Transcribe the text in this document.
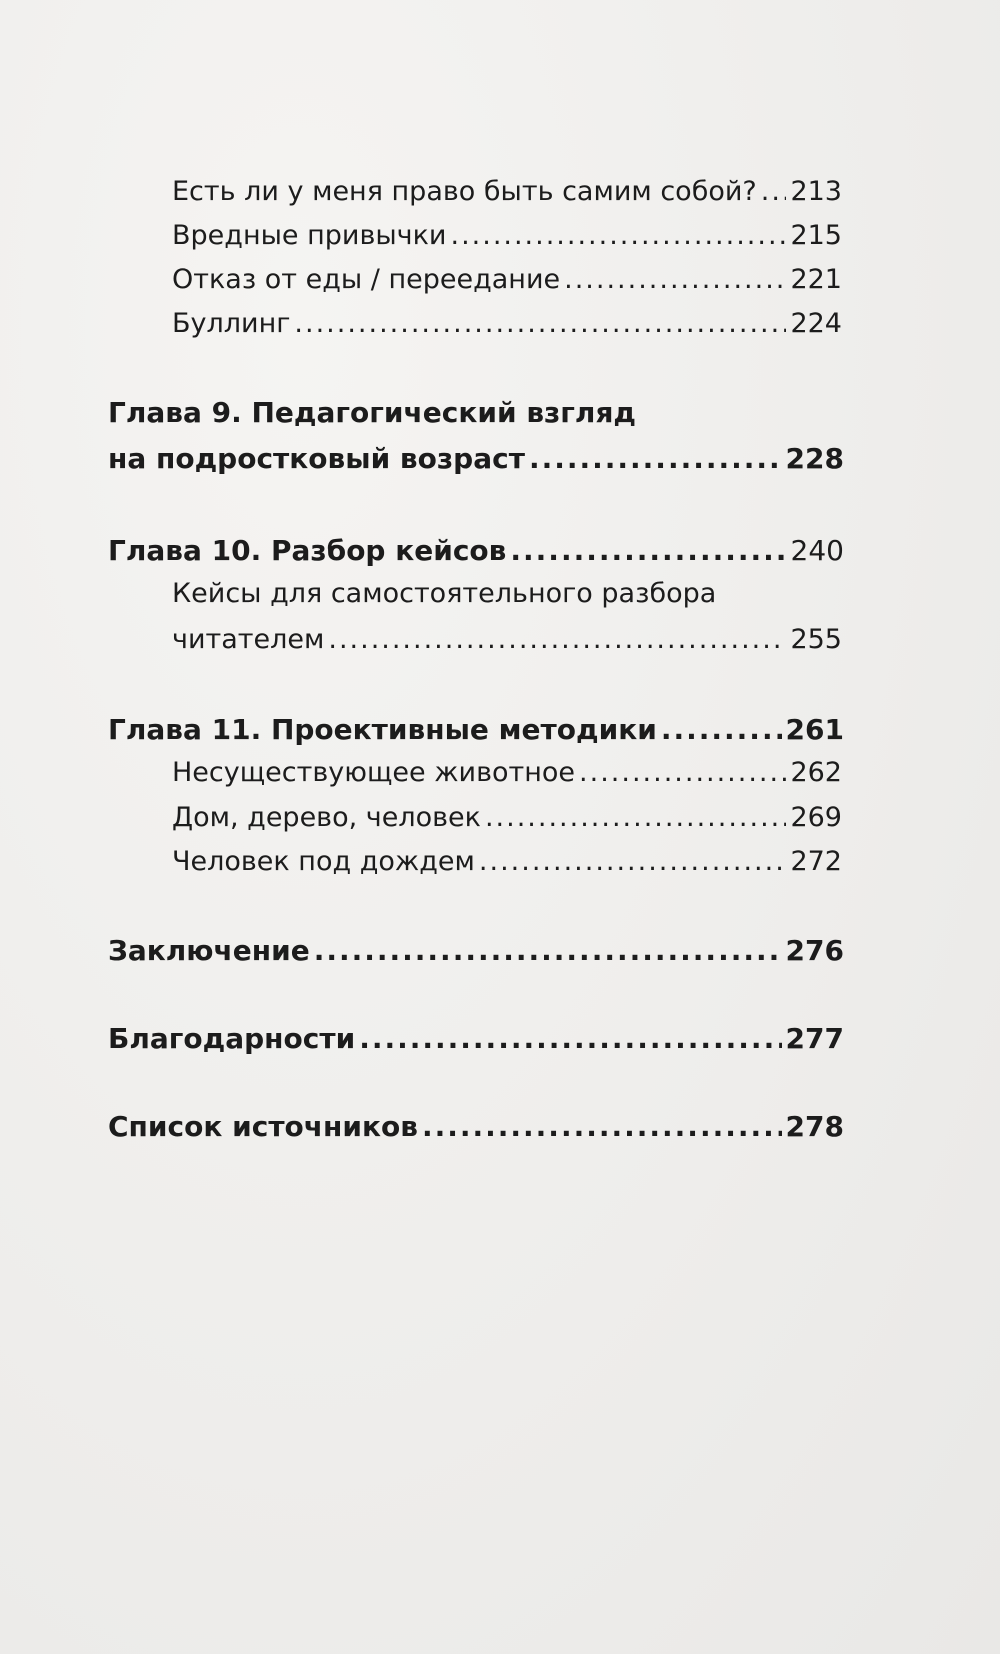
Есть ли у меня право быть самим собой? ..... 213
Вредные привычки .....	215
Отказ от еды / переедание .....	221
Буллинг .....	224
Глава 9. Педагогический взгляд
на подростковый возраст .....	228
Глава 10. Разбор кейсов .....	240
Кейсы для самостоятельного разбора
читателем .....	255
Глава 11. Проективные методики .....	261
Несуществующее животное .....	262
Дом, дерево, человек .....	269
Человек под дождем .....	272
Заключение .....	276
Благодарности .....	277
Список источников .....	278
